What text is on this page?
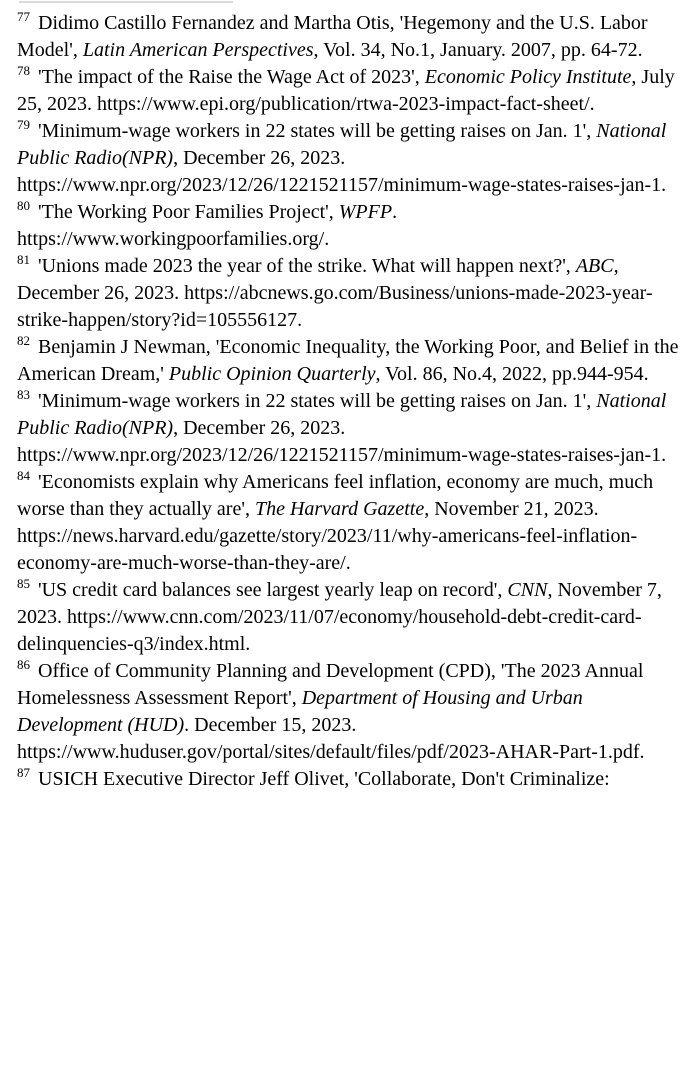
$^{77}$ Didimo Castillo Fernandez and Martha Otis, 'Hegemony and the U.S. Labor Model', Latin American Perspectives, Vol. 34, No.1, January. 2007, pp. 64-72.

$^{78}$ 'The impact of the Raise the Wage Act of 2023', Economic Policy Institute, July 25, 2023. https://www.epi.org/publication/rtwa-2023-impact-fact-sheet/.

$^{79}$ 'Minimum-wage workers in 22 states will be getting raises on Jan. 1', National Public Radio(NPR), December 26, 2023. https://www.npr.org/2023/12/26/1221521157/minimum-wage-states-raises-jan-1.

$^{80}$ 'The Working Poor Families Project', WPFP. https://www.workingpoorfamilies.org/.

$^{81}$ 'Unions made 2023 the year of the strike. What will happen next?', ABC, December 26, 2023. https://abcnews.go.com/Business/unions-made-2023-year-strike-happen/story?id=105556127.

$^{82}$ Benjamin J Newman, 'Economic Inequality, the Working Poor, and Belief in the American Dream,' Public Opinion Quarterly, Vol. 86, No.4, 2022, pp.944-954.

$^{83}$ 'Minimum-wage workers in 22 states will be getting raises on Jan. 1', National Public Radio(NPR), December 26, 2023. https://www.npr.org/2023/12/26/1221521157/minimum-wage-states-raises-jan-1.

$^{84}$ 'Economists explain why Americans feel inflation, economy are much, much worse than they actually are', The Harvard Gazette, November 21, 2023. https://news.harvard.edu/gazette/story/2023/11/why-americans-feel-inflation-economy-are-much-worse-than-they-are/.

$^{85}$ 'US credit card balances see largest yearly leap on record', CNN, November 7, 2023. https://www.cnn.com/2023/11/07/economy/household-debt-credit-card-delinquencies-q3/index.html.

$^{86}$ Office of Community Planning and Development (CPD), 'The 2023 Annual Homelessness Assessment Report', Department of Housing and Urban Development (HUD). December 15, 2023. https://www.huduser.gov/portal/sites/default/files/pdf/2023-AHAR-Part-1.pdf.

$^{87}$ USICH Executive Director Jeff Olivet, 'Collaborate, Don't Criminalize:
